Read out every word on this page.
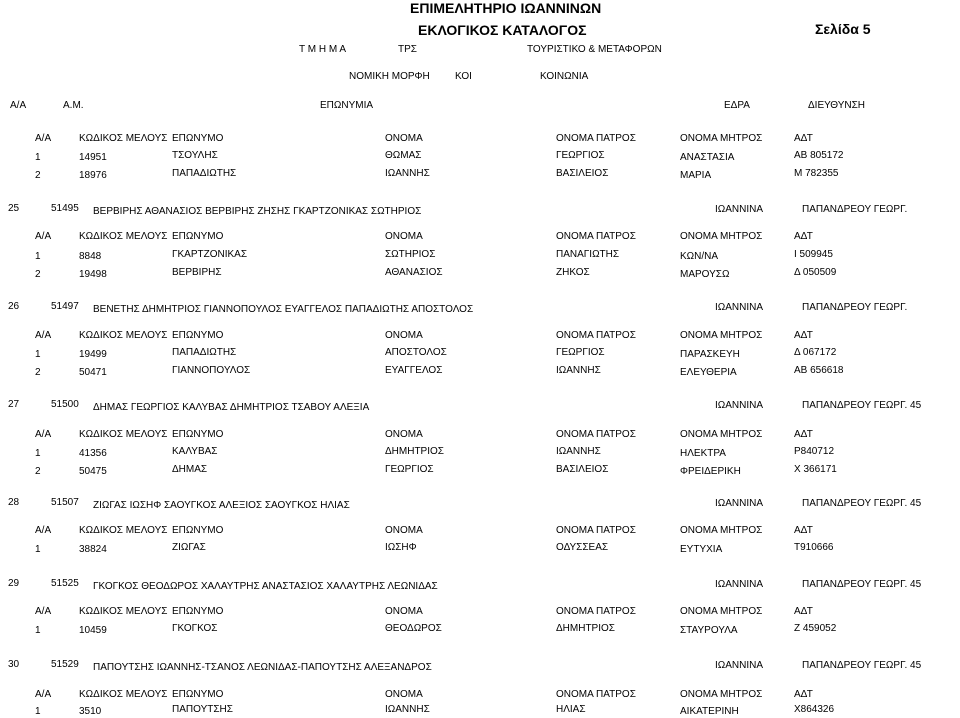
ΕΠΙΜΕΛΗΤΗΡΙΟ ΙΩΑΝΝΙΝΩΝ
ΕΚΛΟΓΙΚΟΣ ΚΑΤΑΛΟΓΟΣ	Σελίδα 5
Τ Μ Η Μ Α	ΤΡΣ	ΤΟΥΡΙΣΤΙΚΟ & ΜΕΤΑΦΟΡΩΝ
ΝΟΜΙΚΗ ΜΟΡΦΗ	ΚΟΙ	ΚΟΙΝΩΝΙΑ
Α/Α	Α.Μ.	ΕΠΩΝΥΜΙΑ	ΕΔΡΑ	ΔΙΕΥΘΥΝΣΗ
Α/Α	ΚΩΔΙΚΟΣ ΜΕΛΟΥΣ ΕΠΩΝΥΜΟ	ΟΝΟΜΑ	ΟΝΟΜΑ ΠΑΤΡΟΣ	ΟΝΟΜΑ ΜΗΤΡΟΣ	ΑΔΤ
1	14951	ΤΣΟΥΛΗΣ	ΘΩΜΑΣ	ΓΕΩΡΓΙΟΣ	ΑΝΑΣΤΑΣΙΑ	ΑΒ 805172
2	18976	ΠΑΠΑΔΙΩΤΗΣ	ΙΩΑΝΝΗΣ	ΒΑΣΙΛΕΙΟΣ	ΜΑΡΙΑ	Μ 782355
25	51495 ΒΕΡΒΙΡΗΣ ΑΘΑΝΑΣΙΟΣ ΒΕΡΒΙΡΗΣ ΖΗΣΗΣ ΓΚΑΡΤΖΟΝΙΚΑΣ ΣΩΤΗΡΙΟΣ	ΙΩΑΝΝΙΝΑ	ΠΑΠΑΝΔΡΕΟΥ ΓΕΩΡΓ.
Α/Α	ΚΩΔΙΚΟΣ ΜΕΛΟΥΣ ΕΠΩΝΥΜΟ	ΟΝΟΜΑ	ΟΝΟΜΑ ΠΑΤΡΟΣ	ΟΝΟΜΑ ΜΗΤΡΟΣ	ΑΔΤ
1	8848	ΓΚΑΡΤΖΟΝΙΚΑΣ	ΣΩΤΗΡΙΟΣ	ΠΑΝΑΓΙΩΤΗΣ	ΚΩΝ/ΝΑ	Ι 509945
2	19498	ΒΕΡΒΙΡΗΣ	ΑΘΑΝΑΣΙΟΣ	ΖΗΚΟΣ	ΜΑΡΟΥΣΩ	Δ 050509
26	51497 ΒΕΝΕΤΗΣ ΔΗΜΗΤΡΙΟΣ ΓΙΑΝΝΟΠΟΥΛΟΣ ΕΥΑΓΓΕΛΟΣ ΠΑΠΑΔΙΩΤΗΣ ΑΠΟΣΤΟΛΟΣ	ΙΩΑΝΝΙΝΑ	ΠΑΠΑΝΔΡΕΟΥ ΓΕΩΡΓ.
Α/Α	ΚΩΔΙΚΟΣ ΜΕΛΟΥΣ ΕΠΩΝΥΜΟ	ΟΝΟΜΑ	ΟΝΟΜΑ ΠΑΤΡΟΣ	ΟΝΟΜΑ ΜΗΤΡΟΣ	ΑΔΤ
1	19499	ΠΑΠΑΔΙΩΤΗΣ	ΑΠΟΣΤΟΛΟΣ	ΓΕΩΡΓΙΟΣ	ΠΑΡΑΣΚΕΥΗ	Δ 067172
2	50471	ΓΙΑΝΝΟΠΟΥΛΟΣ	ΕΥΑΓΓΕΛΟΣ	ΙΩΑΝΝΗΣ	ΕΛΕΥΘΕΡΙΑ	ΑΒ 656618
27	51500 ΔΗΜΑΣ ΓΕΩΡΓΙΟΣ ΚΑΛΥΒΑΣ ΔΗΜΗΤΡΙΟΣ ΤΣΑΒΟΥ ΑΛΕΞΙΑ	ΙΩΑΝΝΙΝΑ	ΠΑΠΑΝΔΡΕΟΥ ΓΕΩΡΓ. 45
Α/Α	ΚΩΔΙΚΟΣ ΜΕΛΟΥΣ ΕΠΩΝΥΜΟ	ΟΝΟΜΑ	ΟΝΟΜΑ ΠΑΤΡΟΣ	ΟΝΟΜΑ ΜΗΤΡΟΣ	ΑΔΤ
1	41356	ΚΑΛΥΒΑΣ	ΔΗΜΗΤΡΙΟΣ	ΙΩΑΝΝΗΣ	ΗΛΕΚΤΡΑ	Ρ840712
2	50475	ΔΗΜΑΣ	ΓΕΩΡΓΙΟΣ	ΒΑΣΙΛΕΙΟΣ	ΦΡΕΙΔΕΡΙΚΗ	Χ 366171
28	51507 ΖΙΩΓΑΣ ΙΩΣΗΦ ΣΑΟΥΓΚΟΣ ΑΛΕΞΙΟΣ ΣΑΟΥΓΚΟΣ ΗΛΙΑΣ	ΙΩΑΝΝΙΝΑ	ΠΑΠΑΝΔΡΕΟΥ ΓΕΩΡΓ. 45
Α/Α	ΚΩΔΙΚΟΣ ΜΕΛΟΥΣ ΕΠΩΝΥΜΟ	ΟΝΟΜΑ	ΟΝΟΜΑ ΠΑΤΡΟΣ	ΟΝΟΜΑ ΜΗΤΡΟΣ	ΑΔΤ
1	38824	ΖΙΩΓΑΣ	ΙΩΣΗΦ	ΟΔΥΣΣΕΑΣ	ΕΥΤΥΧΙΑ	Τ910666
29	51525 ΓΚΟΓΚΟΣ ΘΕΟΔΩΡΟΣ ΧΑΛΑΥΤΡΗΣ ΑΝΑΣΤΑΣΙΟΣ ΧΑΛΑΥΤΡΗΣ ΛΕΩΝΙΔΑΣ	ΙΩΑΝΝΙΝΑ	ΠΑΠΑΝΔΡΕΟΥ ΓΕΩΡΓ. 45
Α/Α	ΚΩΔΙΚΟΣ ΜΕΛΟΥΣ ΕΠΩΝΥΜΟ	ΟΝΟΜΑ	ΟΝΟΜΑ ΠΑΤΡΟΣ	ΟΝΟΜΑ ΜΗΤΡΟΣ	ΑΔΤ
1	10459	ΓΚΟΓΚΟΣ	ΘΕΟΔΩΡΟΣ	ΔΗΜΗΤΡΙΟΣ	ΣΤΑΥΡΟΥΛΑ	Ζ 459052
30	51529 ΠΑΠΟΥΤΣΗΣ ΙΩΑΝΝΗΣ-ΤΣΑΝΟΣ ΛΕΩΝΙΔΑΣ-ΠΑΠΟΥΤΣΗΣ ΑΛΕΞΑΝΔΡΟΣ	ΙΩΑΝΝΙΝΑ	ΠΑΠΑΝΔΡΕΟΥ ΓΕΩΡΓ. 45
Α/Α	ΚΩΔΙΚΟΣ ΜΕΛΟΥΣ ΕΠΩΝΥΜΟ	ΟΝΟΜΑ	ΟΝΟΜΑ ΠΑΤΡΟΣ	ΟΝΟΜΑ ΜΗΤΡΟΣ	ΑΔΤ
1	3510	ΠΑΠΟΥΤΣΗΣ	ΙΩΑΝΝΗΣ	ΗΛΙΑΣ	ΑΙΚΑΤΕΡΙΝΗ	Χ864326
